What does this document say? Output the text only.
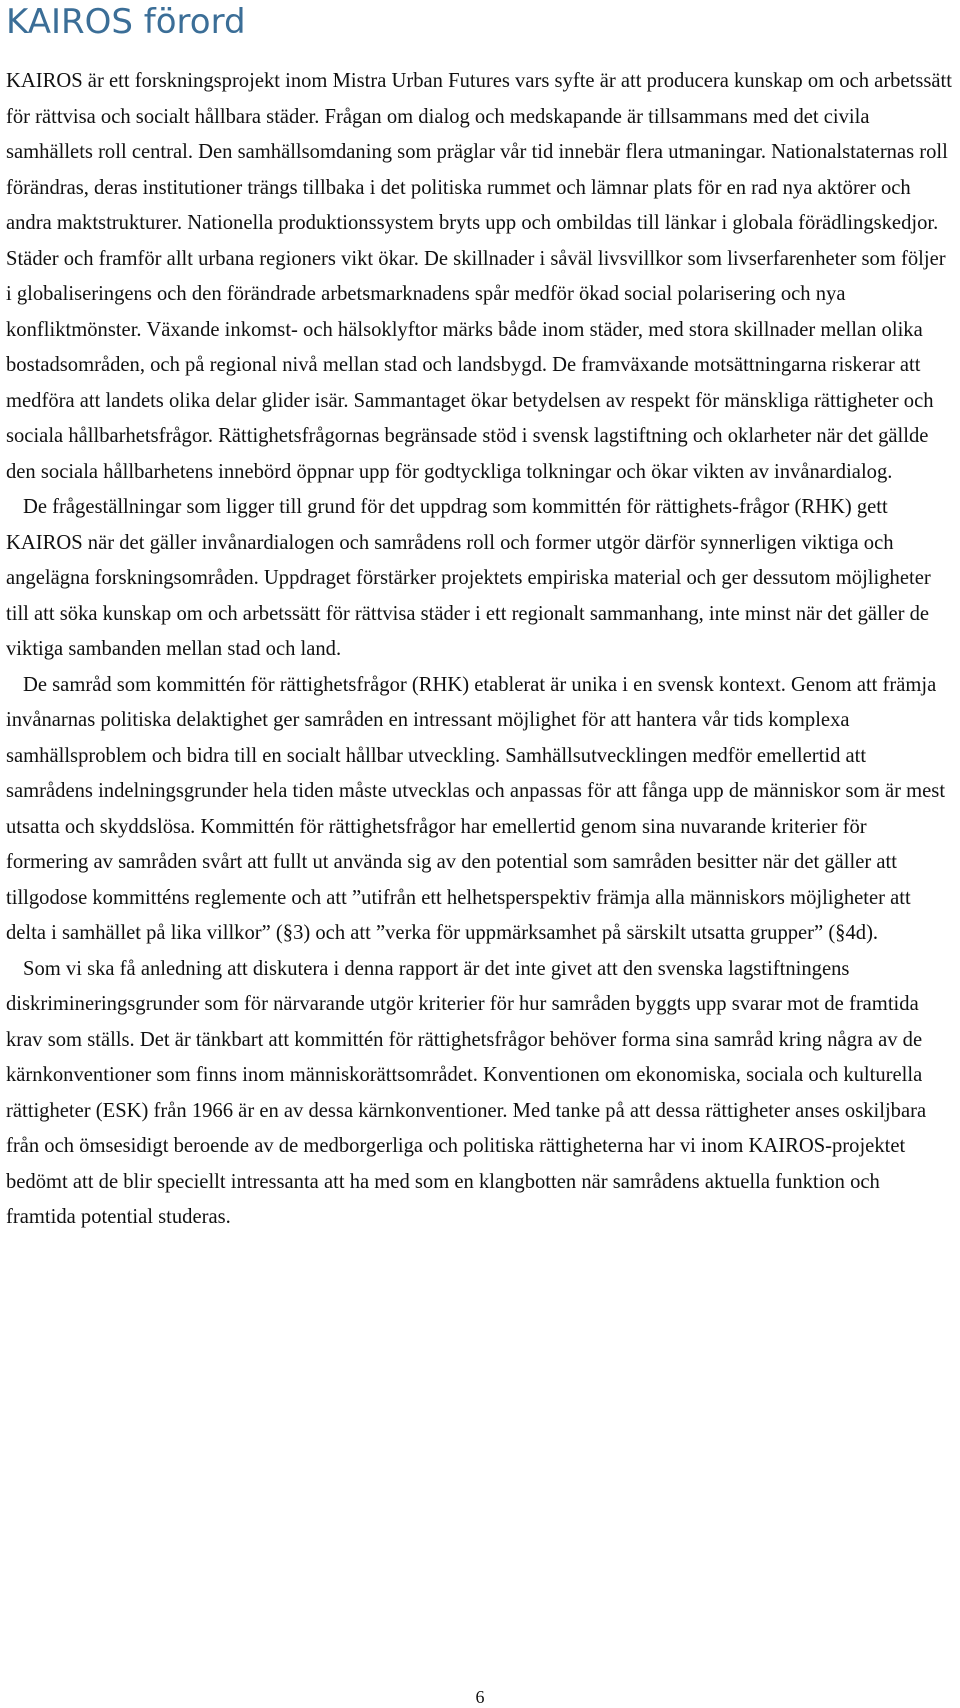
KAIROS förord

KAIROS är ett forskningsprojekt inom Mistra Urban Futures vars syfte är att producera kunskap om och arbetssätt för rättvisa och socialt hållbara städer. Frågan om dialog och medskapande är tillsammans med det civila samhällets roll central. Den samhällsomdaning som präglar vår tid innebär flera utmaningar. Nationalstaternas roll förändras, deras institutioner trängs tillbaka i det politiska rummet och lämnar plats för en rad nya aktörer och andra maktstrukturer. Nationella produktionssystem bryts upp och ombildas till länkar i globala förädlingskedjor. Städer och framför allt urbana regioners vikt ökar. De skillnader i såväl livsvillkor som livserfarenheter som följer i globaliseringens och den förändrade arbetsmarknadens spår medför ökad social polarisering och nya konfliktmönster. Växande inkomst- och hälsoklyftor märks både inom städer, med stora skillnader mellan olika bostadsområden, och på regional nivå mellan stad och landsbygd. De framväxande motsättningarna riskerar att medföra att landets olika delar glider isär. Sammantaget ökar betydelsen av respekt för mänskliga rättigheter och sociala hållbarhetsfrågor. Rättighetsfrågornas begränsade stöd i svensk lagstiftning och oklarheter när det gällde den sociala hållbarhetens innebörd öppnar upp för godtyckliga tolkningar och ökar vikten av invånardialog.

De frågeställningar som ligger till grund för det uppdrag som kommittén för rättighets-frågor (RHK) gett KAIROS när det gäller invånardialogen och samrådens roll och former utgör därför synnerligen viktiga och angelägna forskningsområden. Uppdraget förstärker projektets empiriska material och ger dessutom möjligheter till att söka kunskap om och arbetssätt för rättvisa städer i ett regionalt sammanhang, inte minst när det gäller de viktiga sambanden mellan stad och land.

De samråd som kommittén för rättighetsfrågor (RHK) etablerat är unika i en svensk kontext. Genom att främja invånarnas politiska delaktighet ger samråden en intressant möjlighet för att hantera vår tids komplexa samhällsproblem och bidra till en socialt hållbar utveckling. Samhällsutvecklingen medför emellertid att samrådens indelningsgrunder hela tiden måste utvecklas och anpassas för att fånga upp de människor som är mest utsatta och skyddslösa. Kommittén för rättighetsfrågor har emellertid genom sina nuvarande kriterier för formering av samråden svårt att fullt ut använda sig av den potential som samråden besitter när det gäller att tillgodose kommitténs reglemente och att ”utifrån ett helhetsperspektiv främja alla människors möjligheter att delta i samhället på lika villkor” (§3) och att ”verka för uppmärksamhet på särskilt utsatta grupper” (§4d).

Som vi ska få anledning att diskutera i denna rapport är det inte givet att den svenska lagstiftningens diskrimineringsgrunder som för närvarande utgör kriterier för hur samråden byggts upp svarar mot de framtida krav som ställs. Det är tänkbart att kommittén för rättighetsfrågor behöver forma sina samråd kring några av de kärnkonventioner som finns inom människorättsområdet. Konventionen om ekonomiska, sociala och kulturella rättigheter (ESK) från 1966 är en av dessa kärnkonventioner. Med tanke på att dessa rättigheter anses oskiljbara från och ömsesidigt beroende av de medborgerliga och politiska rättigheterna har vi inom KAIROS-projektet bedömt att de blir speciellt intressanta att ha med som en klangbotten när samrådens aktuella funktion och framtida potential studeras.

6
